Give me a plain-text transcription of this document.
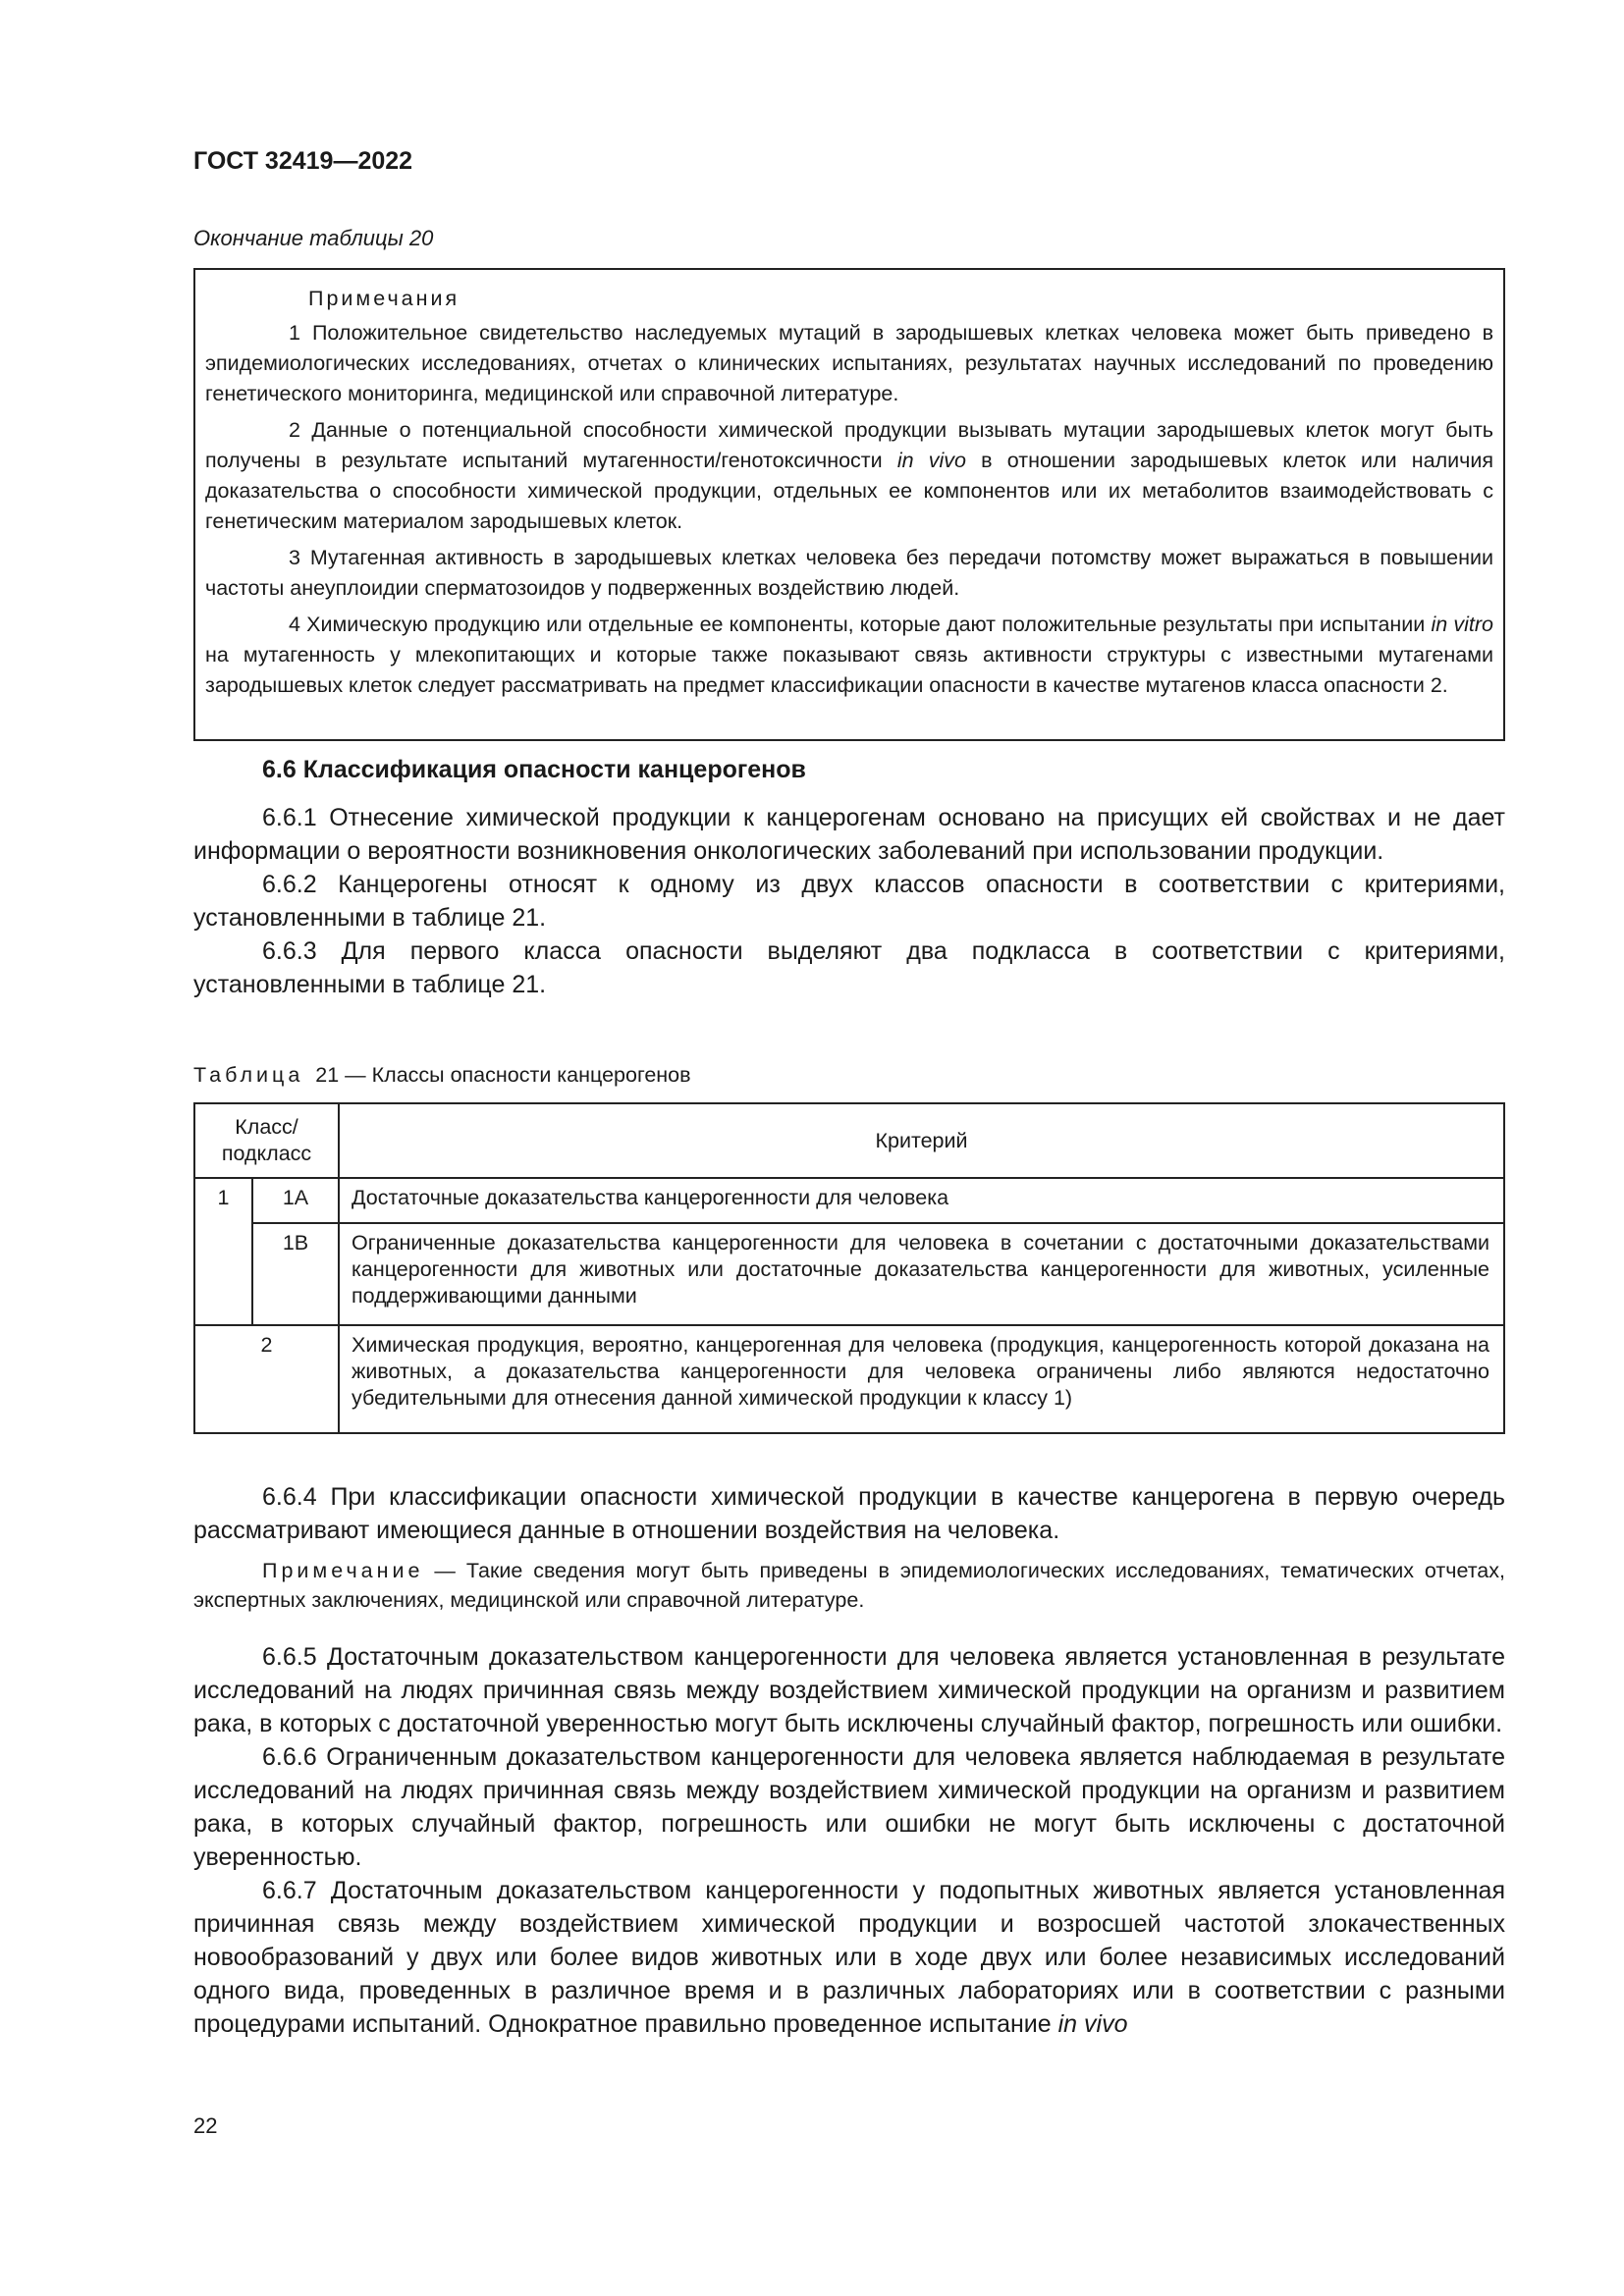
ГОСТ 32419—2022
Окончание таблицы 20
Примечания

1 Положительное свидетельство наследуемых мутаций в зародышевых клетках человека может быть приведено в эпидемиологических исследованиях, отчетах о клинических испытаниях, результатах научных исследований по проведению генетического мониторинга, медицинской или справочной литературе.

2 Данные о потенциальной способности химической продукции вызывать мутации зародышевых клеток могут быть получены в результате испытаний мутагенности/генотоксичности in vivo в отношении зародышевых клеток или наличия доказательства о способности химической продукции, отдельных ее компонентов или их метаболитов взаимодействовать с генетическим материалом зародышевых клеток.

3 Мутагенная активность в зародышевых клетках человека без передачи потомству может выражаться в повышении частоты анеуплоидии сперматозоидов у подверженных воздействию людей.

4 Химическую продукцию или отдельные ее компоненты, которые дают положительные результаты при испытании in vitro на мутагенность у млекопитающих и которые также показывают связь активности структуры с известными мутагенами зародышевых клеток следует рассматривать на предмет классификации опасности в качестве мутагенов класса опасности 2.

6.6 Классификация опасности канцерогенов

6.6.1 Отнесение химической продукции к канцерогенам основано на присущих ей свойствах и не дает информации о вероятности возникновения онкологических заболеваний при использовании продукции.

6.6.2 Канцерогены относят к одному из двух классов опасности в соответствии с критериями, установленными в таблице 21.

6.6.3 Для первого класса опасности выделяют два подкласса в соответствии с критериями, установленными в таблице 21.

Таблица 21 — Классы опасности канцерогенов
Класс/ подкласс		Критерий
1	1A	Достаточные доказательства канцерогенности для человека
	1B	Ограниченные доказательства канцерогенности для человека в сочетании с достаточными доказательствами канцерогенности для животных или достаточные доказательства канцерогенности для животных, усиленные поддерживающими данными
2		Химическая продукция, вероятно, канцерогенная для человека (продукция, канцерогенность которой доказана на животных, а доказательства канцерогенности для человека ограничены либо являются недостаточно убедительными для отнесения данной химической продукции к классу 1)

6.6.4 При классификации опасности химической продукции в качестве канцерогена в первую очередь рассматривают имеющиеся данные в отношении воздействия на человека.

Примечание — Такие сведения могут быть приведены в эпидемиологических исследованиях, тематических отчетах, экспертных заключениях, медицинской или справочной литературе.

6.6.5 Достаточным доказательством канцерогенности для человека является установленная в результате исследований на людях причинная связь между воздействием химической продукции на организм и развитием рака, в которых с достаточной уверенностью могут быть исключены случайный фактор, погрешность или ошибки.

6.6.6 Ограниченным доказательством канцерогенности для человека является наблюдаемая в результате исследований на людях причинная связь между воздействием химической продукции на организм и развитием рака, в которых случайный фактор, погрешность или ошибки не могут быть исключены с достаточной уверенностью.

6.6.7 Достаточным доказательством канцерогенности у подопытных животных является установленная причинная связь между воздействием химической продукции и возросшей частотой злокачественных новообразований у двух или более видов животных или в ходе двух или более независимых исследований одного вида, проведенных в различное время и в различных лабораториях или в соответствии с разными процедурами испытаний. Однократное правильно проведенное испытание in vivo

22
